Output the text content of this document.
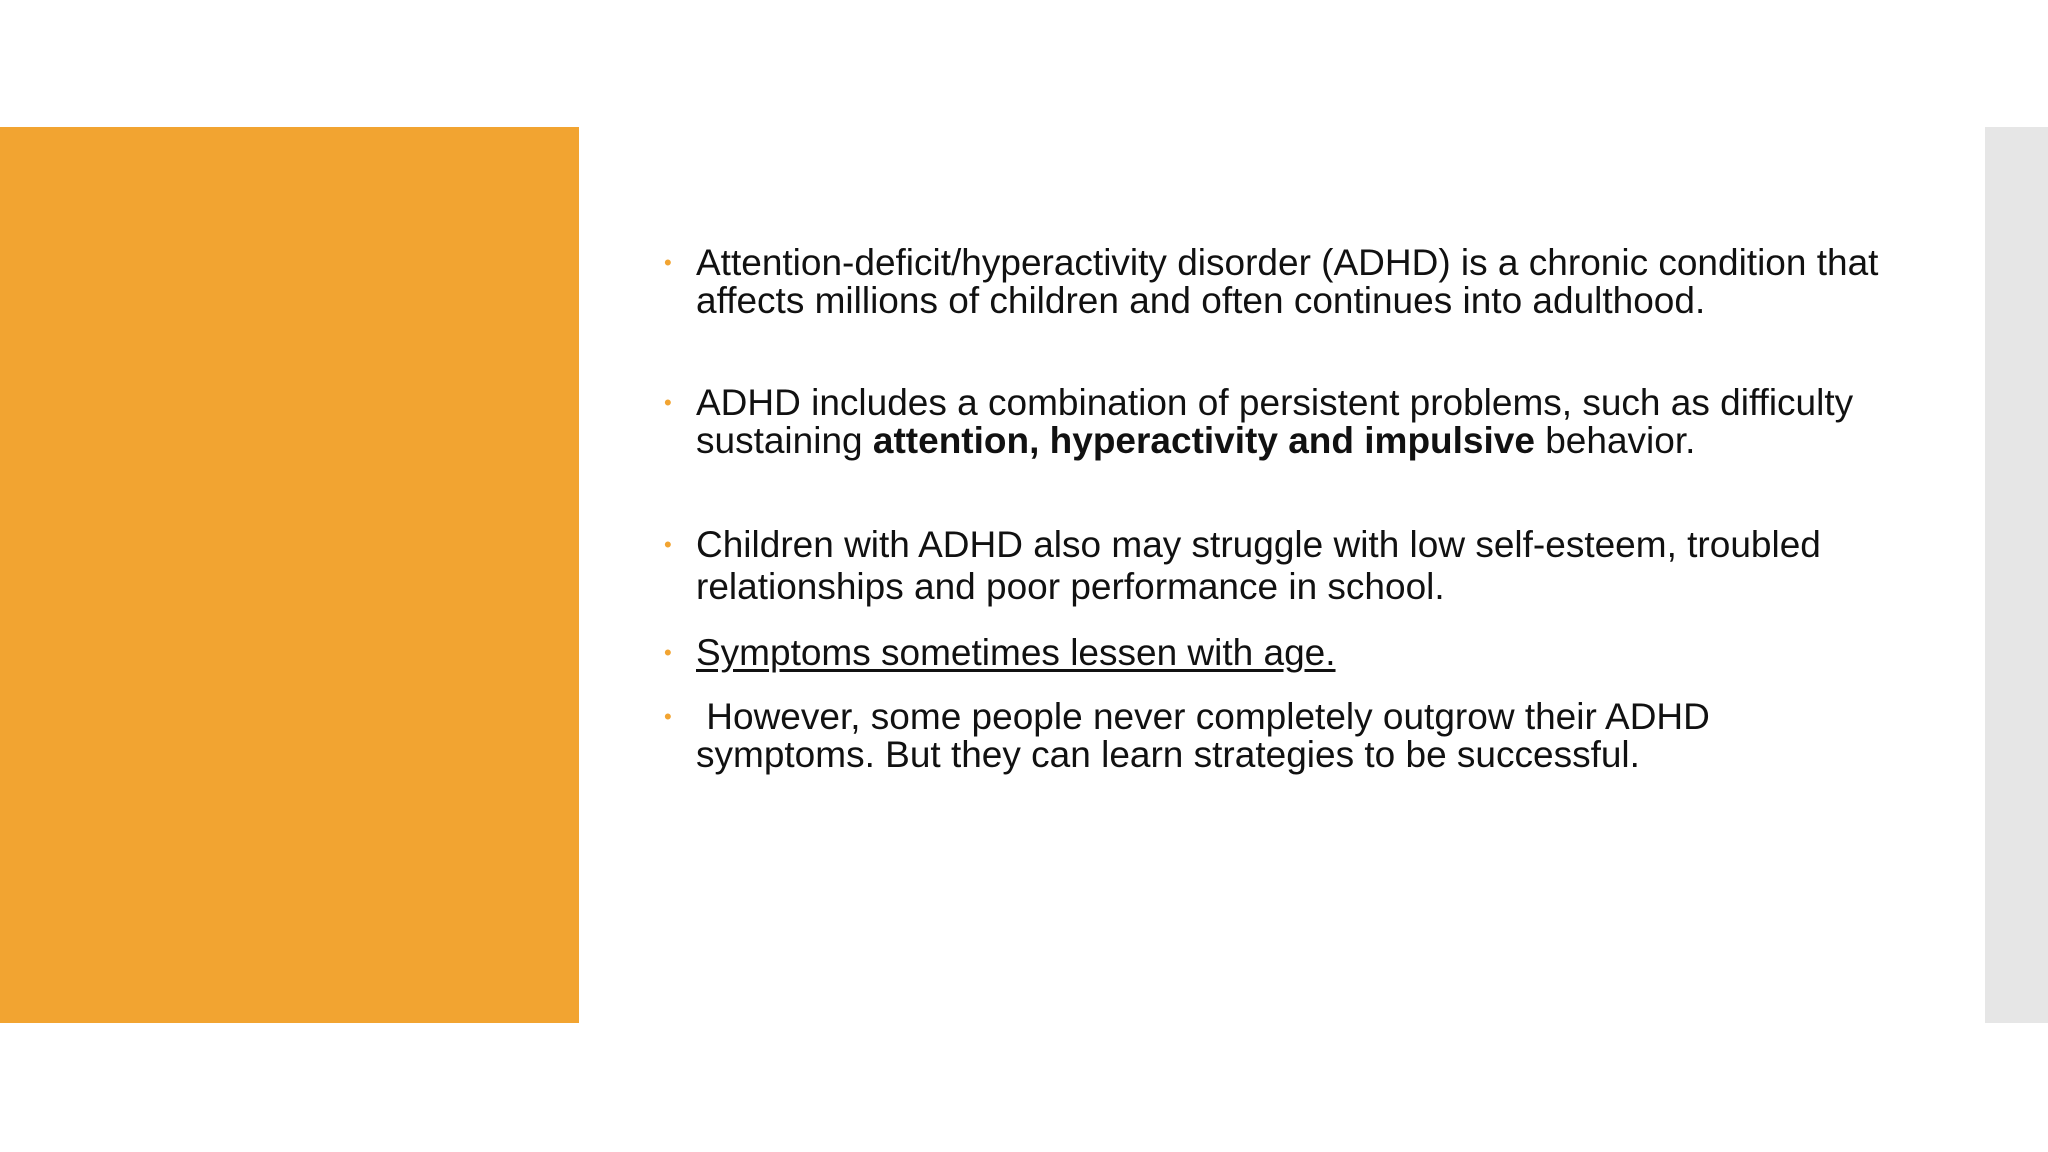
• Attention-deficit/hyperactivity disorder (ADHD) is a chronic condition that affects millions of children and often continues into adulthood.
• ADHD includes a combination of persistent problems, such as difficulty sustaining attention, hyperactivity and impulsive behavior.
• Children with ADHD also may struggle with low self-esteem, troubled relationships and poor performance in school.
• Symptoms sometimes lessen with age.
• However, some people never completely outgrow their ADHD symptoms. But they can learn strategies to be successful.
